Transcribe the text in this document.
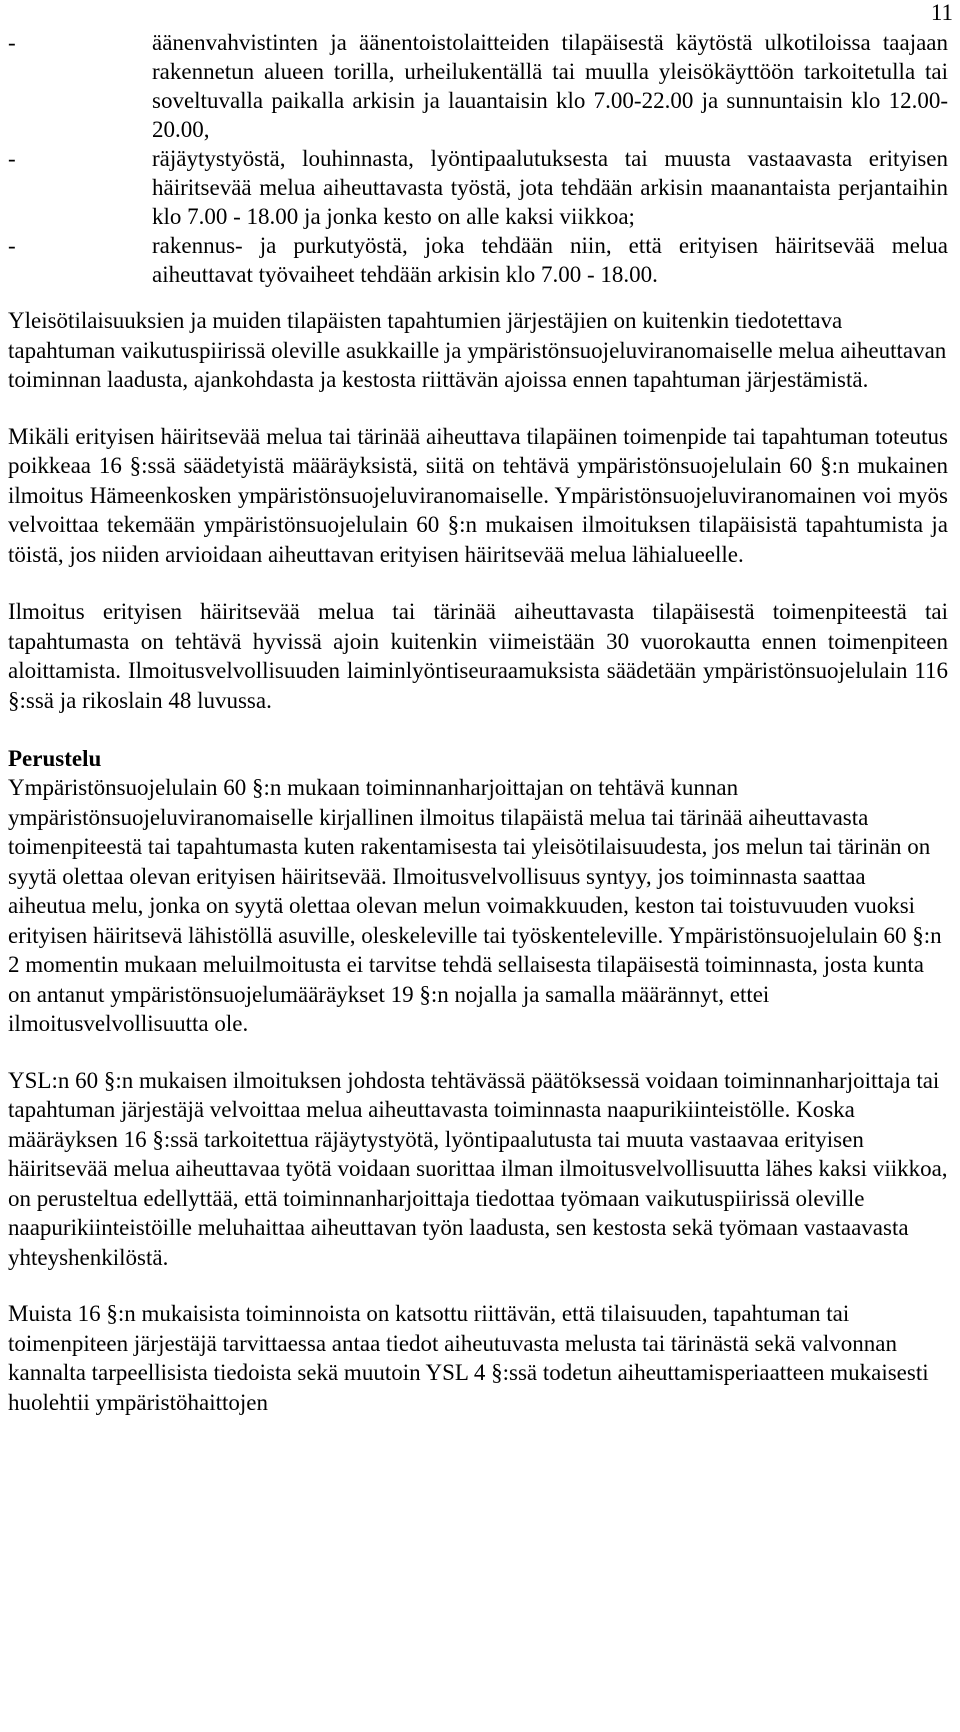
11
-	äänenvahvistinten ja äänentoistolaitteiden tilapäisestä käytöstä ulkotiloissa taajaan rakennetun alueen torilla, urheilukentällä tai muulla yleisökäyttöön tarkoitetulla tai soveltuvalla paikalla arkisin ja lauantaisin klo 7.00-22.00 ja sunnuntaisin klo 12.00-20.00,
-	räjäytystyöstä, louhinnasta, lyöntipaalutuksesta tai muusta vastaavasta erityisen häiritsevää melua aiheuttavasta työstä, jota tehdään arkisin maanantaista perjantaihin klo 7.00 - 18.00 ja jonka kesto on alle kaksi viikkoa;
-	rakennus- ja purkutyöstä, joka tehdään niin, että erityisen häiritsevää melua aiheuttavat työvaiheet tehdään arkisin klo 7.00 - 18.00.

Yleisötilaisuuksien ja muiden tilapäisten tapahtumien järjestäjien on kuitenkin tiedotettava tapahtuman vaikutuspiirissä oleville asukkaille ja ympäristönsuojeluviranomaiselle melua aiheuttavan toiminnan laadusta, ajankohdasta ja kestosta riittävän ajoissa ennen tapahtuman järjestämistä.

Mikäli erityisen häiritsevää melua tai tärinää aiheuttava tilapäinen toimenpide tai tapahtuman toteutus poikkeaa 16 §:ssä säädetyistä määräyksistä, siitä on tehtävä ympäristönsuojelulain 60 §:n mukainen ilmoitus Hämeenkosken ympäristönsuojeluviranomaiselle. Ympäristönsuojeluviranomainen voi myös velvoittaa tekemään ympäristönsuojelulain 60 §:n mukaisen ilmoituksen tilapäisistä tapahtumista ja töistä, jos niiden arvioidaan aiheuttavan erityisen häiritsevää melua lähialueelle.

Ilmoitus erityisen häiritsevää melua tai tärinää aiheuttavasta tilapäisestä toimenpiteestä tai tapahtumasta on tehtävä hyvissä ajoin kuitenkin viimeistään 30 vuorokautta ennen toimenpiteen aloittamista. Ilmoitusvelvollisuuden laiminlyöntiseuraamuksista säädetään ympäristönsuojelulain 116 §:ssä ja rikoslain 48 luvussa.

Perustelu

Ympäristönsuojelulain 60 §:n mukaan toiminnanharjoittajan on tehtävä kunnan ympäristönsuojeluviranomaiselle kirjallinen ilmoitus tilapäistä melua tai tärinää aiheuttavasta toimenpiteestä tai tapahtumasta kuten rakentamisesta tai yleisötilaisuudesta, jos melun tai tärinän on syytä olettaa olevan erityisen häiritsevää. Ilmoitusvelvollisuus syntyy, jos toiminnasta saattaa aiheutua melu, jonka on syytä olettaa olevan melun voimakkuuden, keston tai toistuvuuden vuoksi erityisen häiritsevä lähistöllä asuville, oleskeleville tai työskenteleville. Ympäristönsuojelulain 60 §:n 2 momentin mukaan meluilmoitusta ei tarvitse tehdä sellaisesta tilapäisestä toiminnasta, josta kunta on antanut ympäristönsuojelumääräykset 19 §:n nojalla ja samalla määrännyt, ettei ilmoitusvelvollisuutta ole.

YSL:n 60 §:n mukaisen ilmoituksen johdosta tehtävässä päätöksessä voidaan toiminnanharjoittaja tai tapahtuman järjestäjä velvoittaa melua aiheuttavasta toiminnasta naapurikiinteistölle. Koska määräyksen 16 §:ssä tarkoitettua räjäytystyötä, lyöntipaalutusta tai muuta vastaavaa erityisen häiritsevää melua aiheuttavaa työtä voidaan suorittaa ilman ilmoitusvelvollisuutta lähes kaksi viikkoa, on perusteltua edellyttää, että toiminnanharjoittaja tiedottaa työmaan vaikutuspiirissä oleville naapurikiinteistöille meluhaittaa aiheuttavan työn laadusta, sen kestosta sekä työmaan vastaavasta yhteyshenkilöstä.

Muista 16 §:n mukaisista toiminnoista on katsottu riittävän, että tilaisuuden, tapahtuman tai toimenpiteen järjestäjä tarvittaessa antaa tiedot aiheutuvasta melusta tai tärinästä sekä valvonnan kannalta tarpeellisista tiedoista sekä muutoin YSL 4 §:ssä todetun aiheuttamisperiaatteen mukaisesti huolehtii ympäristöhaittojen
